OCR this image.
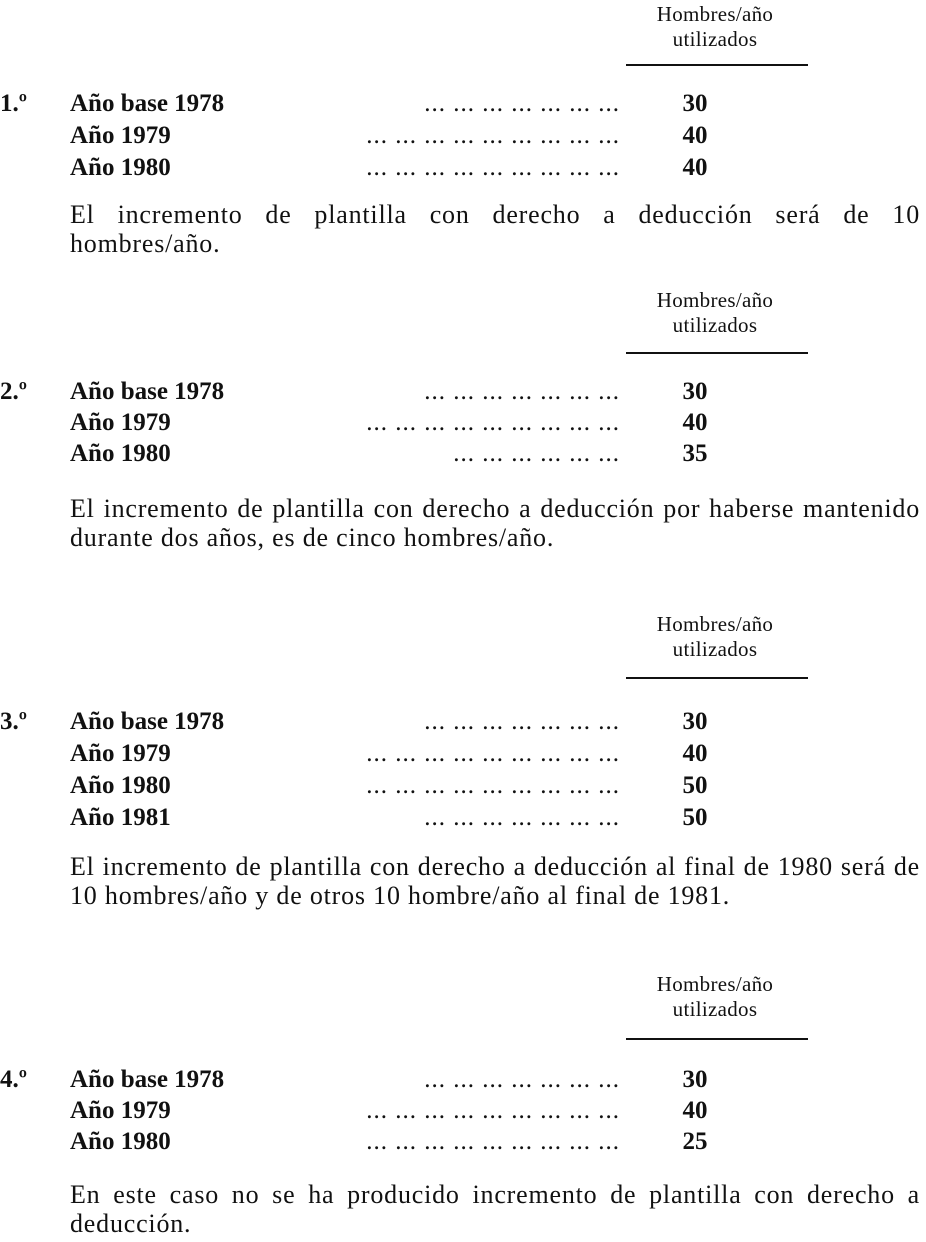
Hombres/año
utilizados
1.º Año base 1978	... ... ... ... ... ... ...	30
Año 1979	... ... ... ... ... ... ... ... ...	40
Año 1980	... ... ... ... ... ... ... ... ...	40

El incremento de plantilla con derecho a deducción será de 10 hombres/año.

Hombres/año
utilizados
2.º Año base 1978	... ... ... ... ... ... ...	30
Año 1979	... ... ... ... ... ... ... ... ...	40
Año 1980	... ... ... ... ... ...	35

El incremento de plantilla con derecho a deducción por haberse mantenido durante dos años, es de cinco hombres/año.

Hombres/año
utilizados
3.º Año base 1978	... ... ... ... ... ... ...	30
Año 1979	... ... ... ... ... ... ... ... ...	40
Año 1980	... ... ... ... ... ... ... ... ...	50
Año 1981	... ... ... ... ... ... ...	50

El incremento de plantilla con derecho a deducción al final de 1980 será de 10 hombres/año y de otros 10 hombre/año al final de 1981.

Hombres/año
utilizados
4.º Año base 1978	... ... ... ... ... ... ...	30
Año 1979	... ... ... ... ... ... ... ... ...	40
Año 1980	... ... ... ... ... ... ... ... ...	25

En este caso no se ha producido incremento de plantilla con derecho a deducción.
